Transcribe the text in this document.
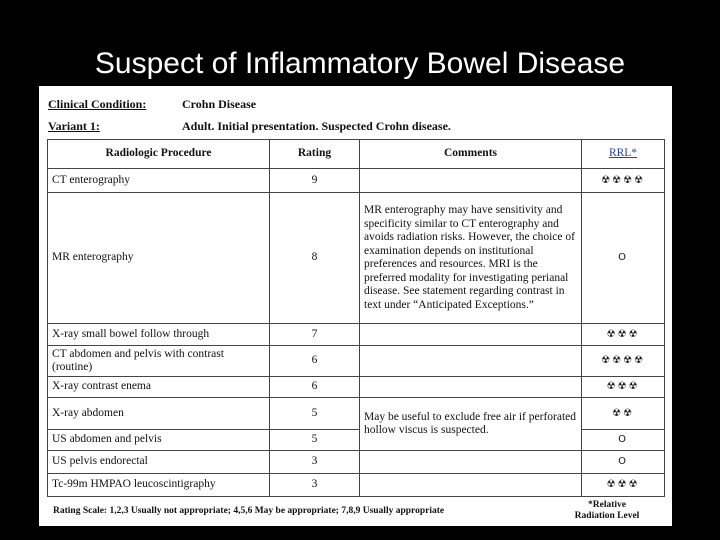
Suspect of Inflammatory Bowel Disease
Clinical Condition:	Crohn Disease
Variant 1:	Adult. Initial presentation. Suspected Crohn disease.
Radiologic Procedure	Rating	Comments	RRL*
CT enterography	9		☢☢☢☢
MR enterography	8	MR enterography may have sensitivity and specificity similar to CT enterography and avoids radiation risks. However, the choice of examination depends on institutional preferences and resources. MRI is the preferred modality for investigating perianal disease. See statement regarding contrast in text under “Anticipated Exceptions.”	O
X-ray small bowel follow through	7		☢☢☢
CT abdomen and pelvis with contrast (routine)	6		☢☢☢☢
X-ray contrast enema	6		☢☢☢
X-ray abdomen	5	May be useful to exclude free air if perforated hollow viscus is suspected.	☢☢
US abdomen and pelvis	5		O
US pelvis endorectal	3		O
Tc-99m HMPAO leucoscintigraphy	3		☢☢☢
Rating Scale: 1,2,3 Usually not appropriate; 4,5,6 May be appropriate; 7,8,9 Usually appropriate
*Relative Radiation Level
